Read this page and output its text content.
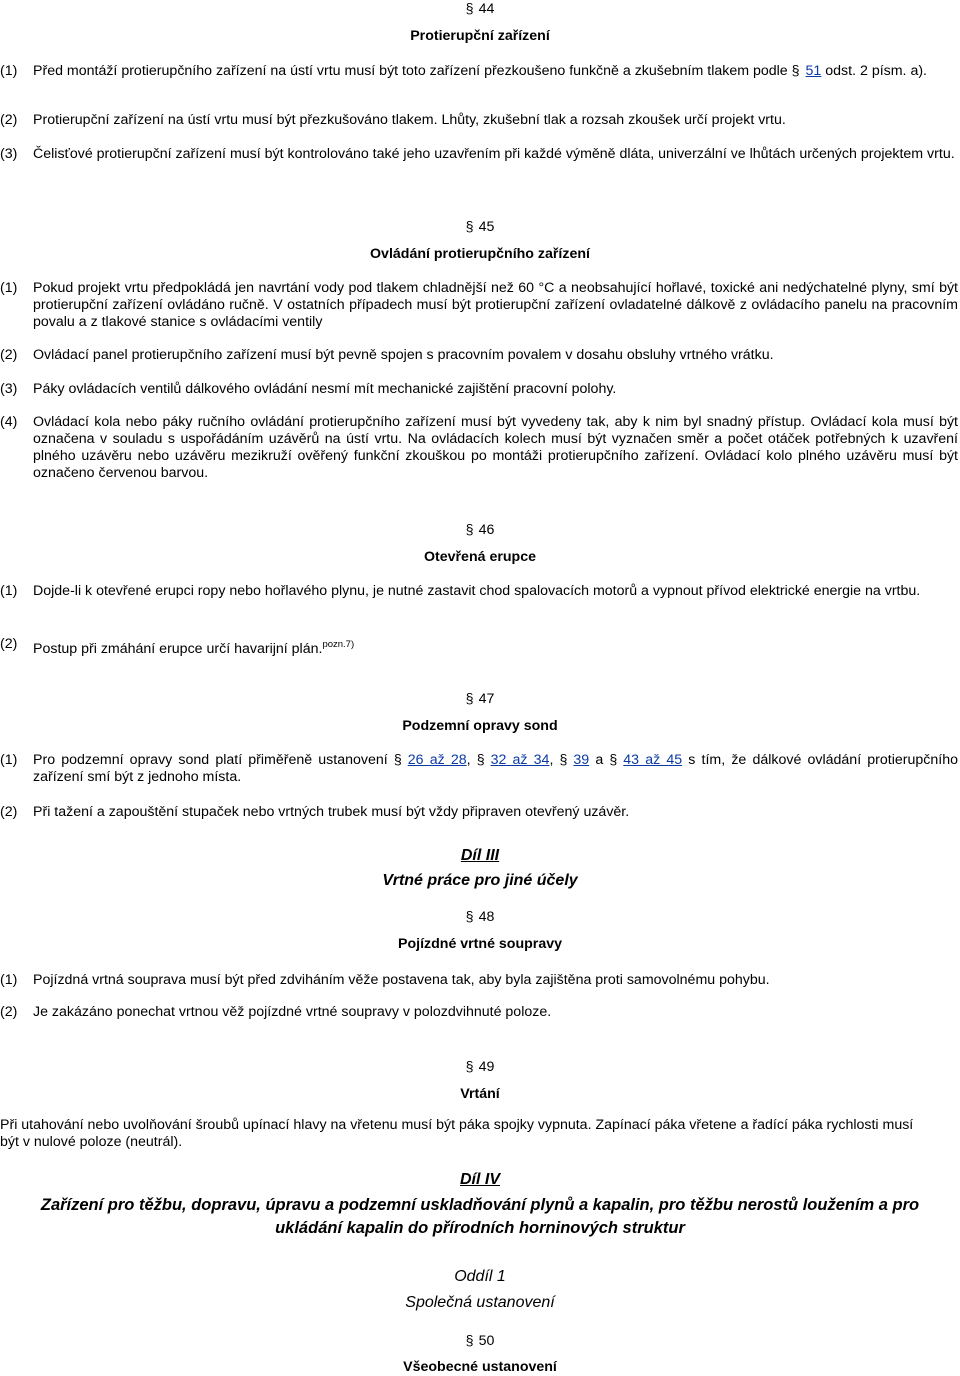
§ 44
Protierupční zařízení
(1) Před montáží protierupčního zařízení na ústí vrtu musí být toto zařízení přezkoušeno funkčně a zkušebním tlakem podle § 51 odst. 2 písm. a).
(2) Protierupční zařízení na ústí vrtu musí být přezkušováno tlakem. Lhůty, zkušební tlak a rozsah zkoušek určí projekt vrtu.
(3) Čelisťové protierupční zařízení musí být kontrolováno také jeho uzavřením při každé výměně dláta, univerzální ve lhůtách určených projektem vrtu.
§ 45
Ovládání protierupčního zařízení
(1) Pokud projekt vrtu předpokládá jen navrtání vody pod tlakem chladnější než 60 °C a neobsahující hořlavé, toxické ani nedýchatelné plyny, smí být protierupční zařízení ovládáno ručně. V ostatních případech musí být protierupční zařízení ovladatelné dálkově z ovládacího panelu na pracovním povalu a z tlakové stanice s ovládacími ventily
(2) Ovládací panel protierupčního zařízení musí být pevně spojen s pracovním povalem v dosahu obsluhy vrtného vrátku.
(3) Páky ovládacích ventilů dálkového ovládání nesmí mít mechanické zajištění pracovní polohy.
(4) Ovládací kola nebo páky ručního ovládání protierupčního zařízení musí být vyvedeny tak, aby k nim byl snadný přístup. Ovládací kola musí být označena v souladu s uspořádáním uzávěrů na ústí vrtu. Na ovládacích kolech musí být vyznačen směr a počet otáček potřebných k uzavření plného uzávěru nebo uzávěru mezikruží ověřený funkční zkouškou po montáži protierupčního zařízení. Ovládací kolo plného uzávěru musí být označeno červenou barvou.
§ 46
Otevřená erupce
(1) Dojde-li k otevřené erupci ropy nebo hořlavého plynu, je nutné zastavit chod spalovacích motorů a vypnout přívod elektrické energie na vrtbu.
(2) Postup při zmáhání erupce určí havarijní plán.$^{pozn.7)}$
§ 47
Podzemní opravy sond
(1) Pro podzemní opravy sond platí přiměřeně ustanovení § 26 až 28, § 32 až 34, § 39 a § 43 až 45 s tím, že dálkové ovládání protierupčního zařízení smí být z jednoho místa.
(2) Při tažení a zapouštění stupaček nebo vrtných trubek musí být vždy připraven otevřený uzávěr.
Díl III
Vrtné práce pro jiné účely
§ 48
Pojízdné vrtné soupravy
(1) Pojízdná vrtná souprava musí být před zdviháním věže postavena tak, aby byla zajištěna proti samovolnému pohybu.
(2) Je zakázáno ponechat vrtnou věž pojízdné vrtné soupravy v polozdvihnuté poloze.
§ 49
Vrtání
Při utahování nebo uvolňování šroubů upínací hlavy na vřetenu musí být páka spojky vypnuta. Zapínací páka vřetene a řadící páka rychlosti musí být v nulové poloze (neutrál).
Díl IV
Zařízení pro těžbu, dopravu, úpravu a podzemní uskladňování plynů a kapalin, pro těžbu nerostů loužením a pro ukládání kapalin do přírodních horninových struktur
Oddíl 1
Společná ustanovení
§ 50
Všeobecné ustanovení
